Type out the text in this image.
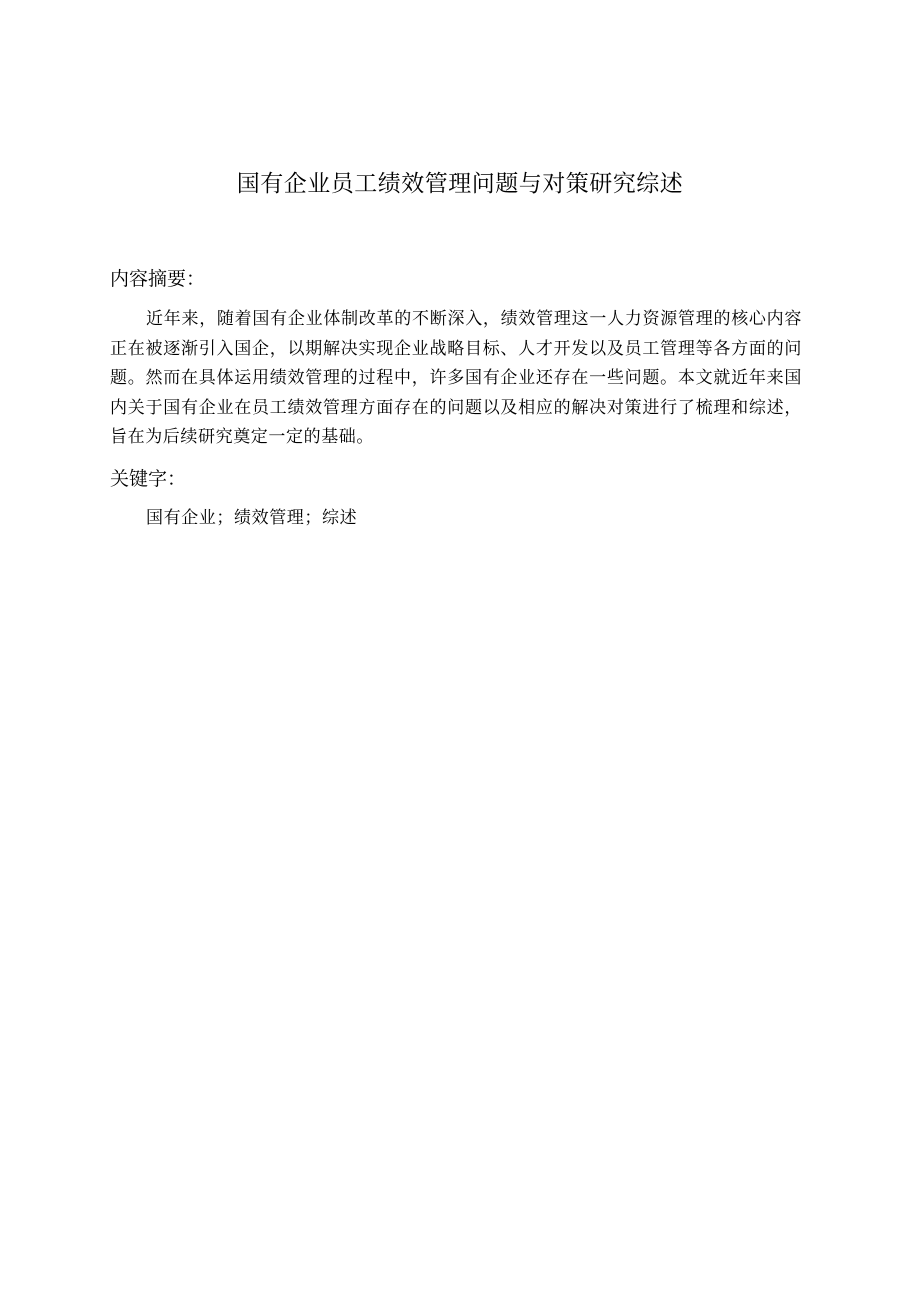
国有企业员工绩效管理问题与对策研究综述
内容摘要：

近年来，随着国有企业体制改革的不断深入，绩效管理这一人力资源管理的核心内容正在被逐渐引入国企，以期解决实现企业战略目标、人才开发以及员工管理等各方面的问题。然而在具体运用绩效管理的过程中，许多国有企业还存在一些问题。本文就近年来国内关于国有企业在员工绩效管理方面存在的问题以及相应的解决对策进行了梳理和综述，旨在为后续研究奠定一定的基础。

关键字：

国有企业；绩效管理；综述
